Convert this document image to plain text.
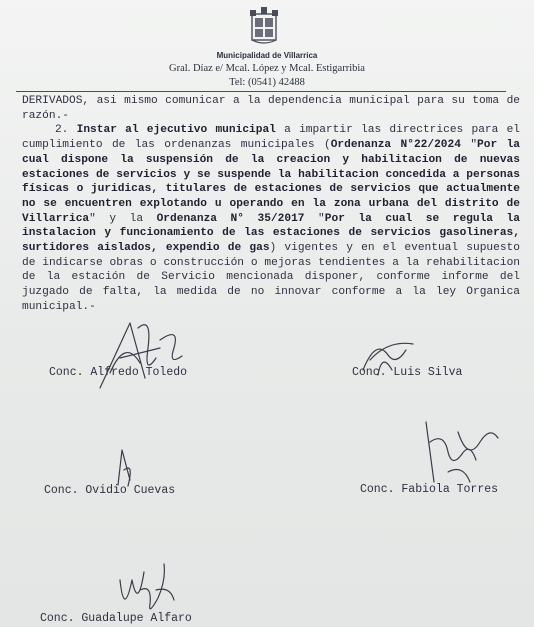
Municipalidad de Villarrica
Gral. Díaz e/ Mcal. López y Mcal. Estigarribia
Tel: (0541) 42488

DERIVADOS, asi mismo comunicar a la dependencia municipal para su toma de razón.-

2. Instar al ejecutivo municipal a impartir las directrices para el cumplimiento de las ordenanzas municipales (Ordenanza N°22/2024 "Por la cual dispone la suspensión de la creacion y habilitacion de nuevas estaciones de servicios y se suspende la habilitacion concedida a personas físicas o juridicas, titulares de estaciones de servicios que actualmente no se encuentren explotando u operando en la zona urbana del distrito de Villarrica" y la Ordenanza N° 35/2017 "Por la cual se regula la instalacion y funcionamiento de las estaciones de servicios gasolineras, surtidores aislados, expendio de gas) vigentes y en el eventual supuesto de indicarse obras o construcción o mejoras tendientes a la rehabilitacion de la estación de Servicio mencionada disponer, conforme informe del juzgado de falta, la medida de no innovar conforme a la ley Organica municipal.-

Conc. Alfredo Toledo	Conc. Luis Silva
Conc. Ovidio Cuevas	Conc. Fabiola Torres
Conc. Guadalupe Alfaro
